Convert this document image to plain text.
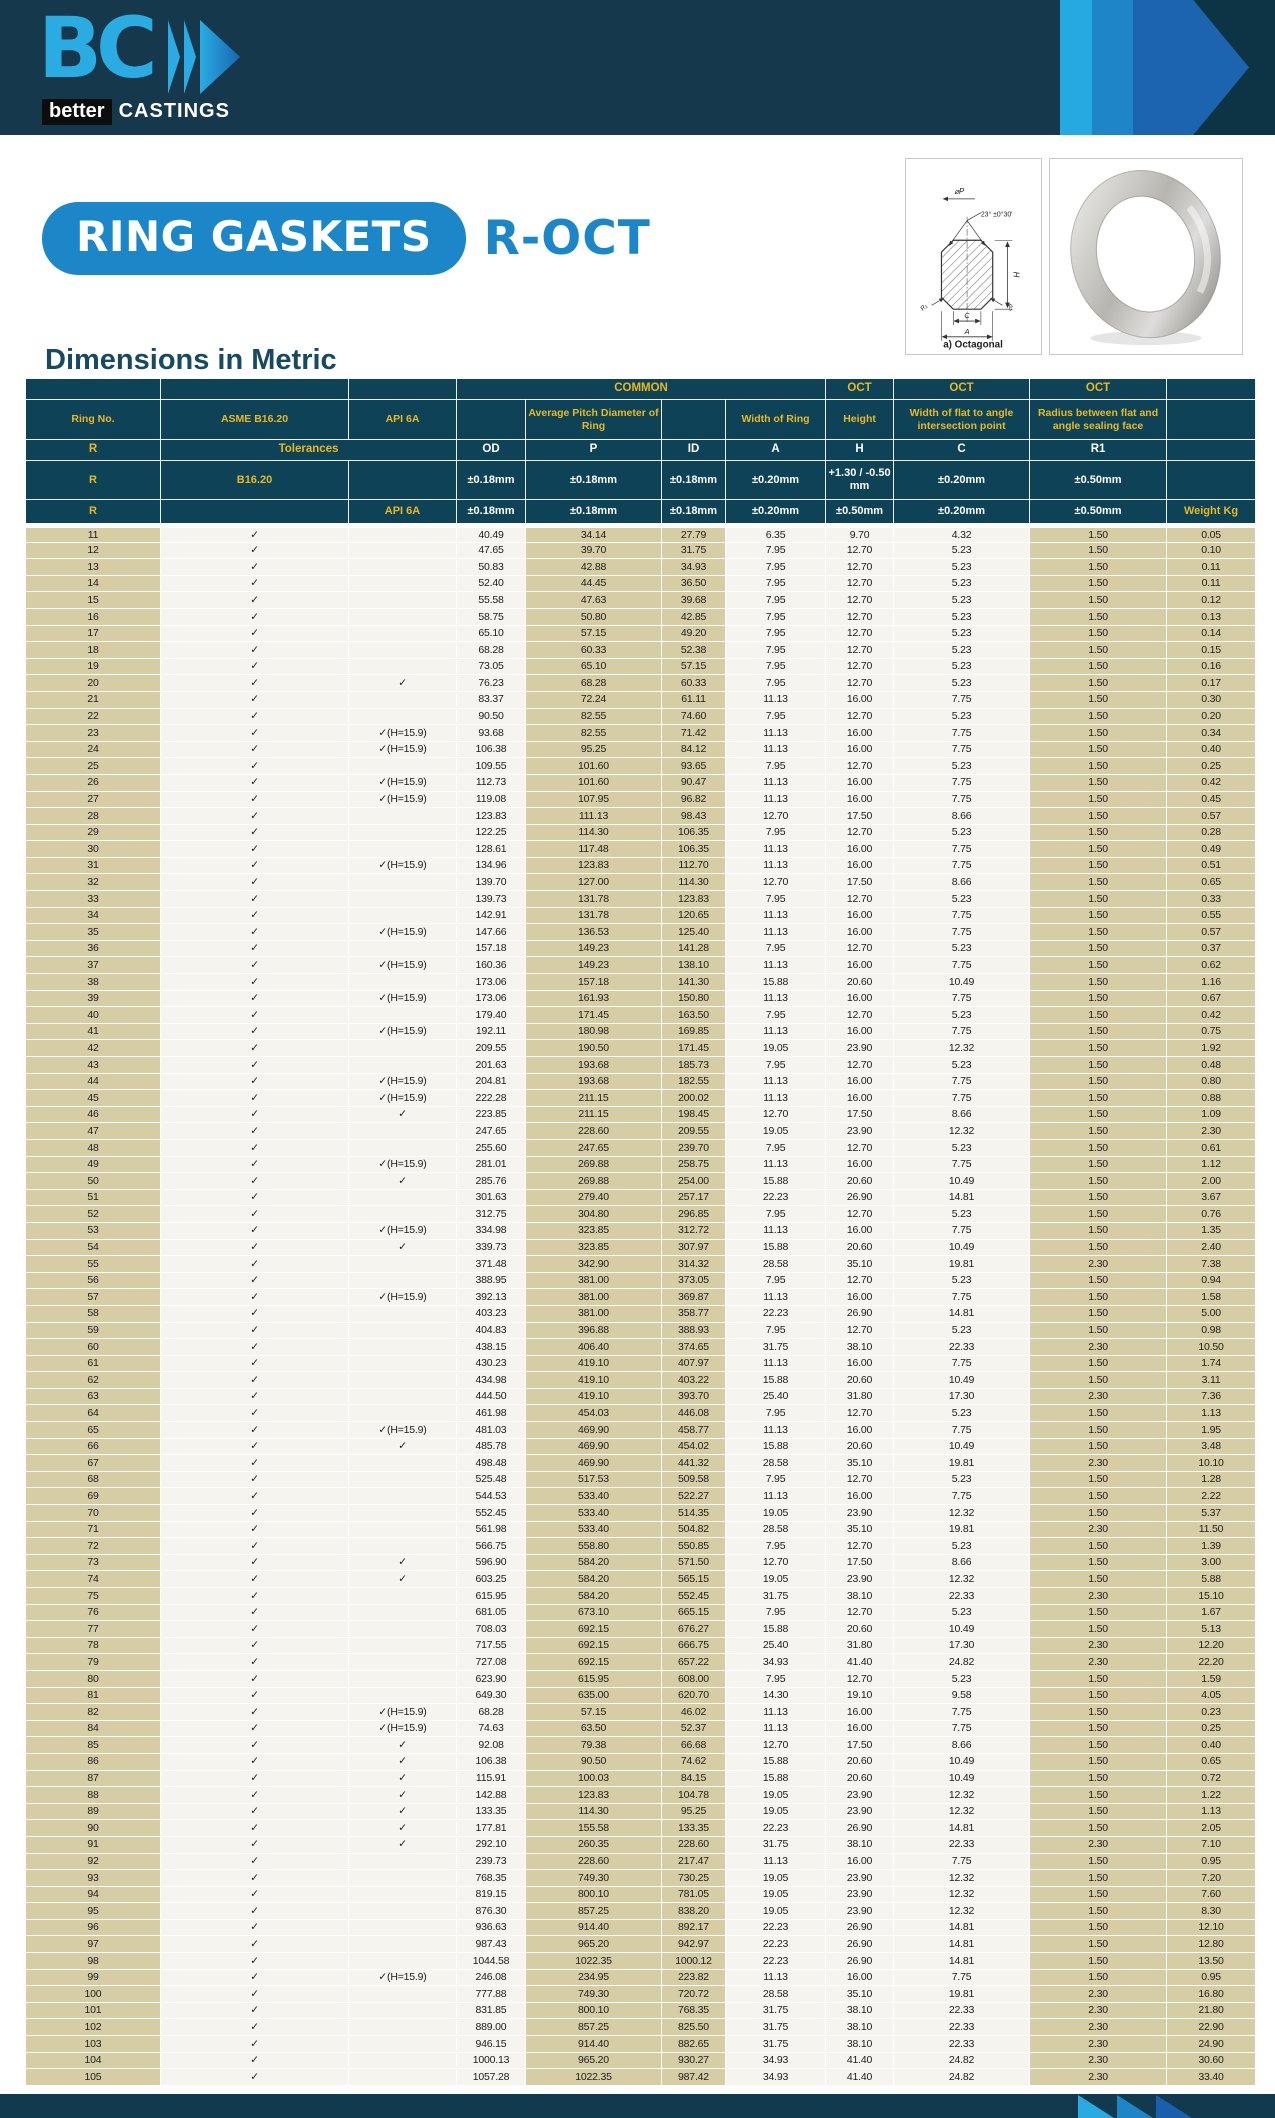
BC
better CASTINGS
RING GASKETS	R-OCT
⌀P
23° ±0°30'
H
C
A
R₁	R₁
a) Octagonal
Dimensions in Metric
			COMMON				OCT	OCT	OCT	
Ring No.	ASME B16.20	API 6A		Average Pitch Diameter of Ring		Width of Ring	Height	Width of flat to angle intersection point	Radius between flat and angle sealing face	
R	Tolerances		OD	P	ID	A	H	C	R1	
R	B16.20		±0.18mm	±0.18mm	±0.18mm	±0.20mm	+1.30 / -0.50 mm	±0.20mm	±0.50mm	
R		API 6A	±0.18mm	±0.18mm	±0.18mm	±0.20mm	±0.50mm	±0.20mm	±0.50mm	Weight Kg
11	✓		40.49	34.14	27.79	6.35	9.70	4.32	1.50	0.05
12	✓		47.65	39.70	31.75	7.95	12.70	5.23	1.50	0.10
13	✓		50.83	42.88	34.93	7.95	12.70	5.23	1.50	0.11
14	✓		52.40	44.45	36.50	7.95	12.70	5.23	1.50	0.11
15	✓		55.58	47.63	39.68	7.95	12.70	5.23	1.50	0.12
16	✓		58.75	50.80	42.85	7.95	12.70	5.23	1.50	0.13
17	✓		65.10	57.15	49.20	7.95	12.70	5.23	1.50	0.14
18	✓		68.28	60.33	52.38	7.95	12.70	5.23	1.50	0.15
19	✓		73.05	65.10	57.15	7.95	12.70	5.23	1.50	0.16
20	✓	✓	76.23	68.28	60.33	7.95	12.70	5.23	1.50	0.17
21	✓		83.37	72.24	61.11	11.13	16.00	7.75	1.50	0.30
22	✓		90.50	82.55	74.60	7.95	12.70	5.23	1.50	0.20
23	✓	✓(H=15.9)	93.68	82.55	71.42	11.13	16.00	7.75	1.50	0.34
24	✓	✓(H=15.9)	106.38	95.25	84.12	11.13	16.00	7.75	1.50	0.40
25	✓		109.55	101.60	93.65	7.95	12.70	5.23	1.50	0.25
26	✓	✓(H=15.9)	112.73	101.60	90.47	11.13	16.00	7.75	1.50	0.42
27	✓	✓(H=15.9)	119.08	107.95	96.82	11.13	16.00	7.75	1.50	0.45
28	✓		123.83	111.13	98.43	12.70	17.50	8.66	1.50	0.57
29	✓		122.25	114.30	106.35	7.95	12.70	5.23	1.50	0.28
30	✓		128.61	117.48	106.35	11.13	16.00	7.75	1.50	0.49
31	✓	✓(H=15.9)	134.96	123.83	112.70	11.13	16.00	7.75	1.50	0.51
32	✓		139.70	127.00	114.30	12.70	17.50	8.66	1.50	0.65
33	✓		139.73	131.78	123.83	7.95	12.70	5.23	1.50	0.33
34	✓		142.91	131.78	120.65	11.13	16.00	7.75	1.50	0.55
35	✓	✓(H=15.9)	147.66	136.53	125.40	11.13	16.00	7.75	1.50	0.57
36	✓		157.18	149.23	141.28	7.95	12.70	5.23	1.50	0.37
37	✓	✓(H=15.9)	160.36	149.23	138.10	11.13	16.00	7.75	1.50	0.62
38	✓		173.06	157.18	141.30	15.88	20.60	10.49	1.50	1.16
39	✓	✓(H=15.9)	173.06	161.93	150.80	11.13	16.00	7.75	1.50	0.67
40	✓		179.40	171.45	163.50	7.95	12.70	5.23	1.50	0.42
41	✓	✓(H=15.9)	192.11	180.98	169.85	11.13	16.00	7.75	1.50	0.75
42	✓		209.55	190.50	171.45	19.05	23.90	12.32	1.50	1.92
43	✓		201.63	193.68	185.73	7.95	12.70	5.23	1.50	0.48
44	✓	✓(H=15.9)	204.81	193.68	182.55	11.13	16.00	7.75	1.50	0.80
45	✓	✓(H=15.9)	222.28	211.15	200.02	11.13	16.00	7.75	1.50	0.88
46	✓	✓	223.85	211.15	198.45	12.70	17.50	8.66	1.50	1.09
47	✓		247.65	228.60	209.55	19.05	23.90	12.32	1.50	2.30
48	✓		255.60	247.65	239.70	7.95	12.70	5.23	1.50	0.61
49	✓	✓(H=15.9)	281.01	269.88	258.75	11.13	16.00	7.75	1.50	1.12
50	✓	✓	285.76	269.88	254.00	15.88	20.60	10.49	1.50	2.00
51	✓		301.63	279.40	257.17	22.23	26.90	14.81	1.50	3.67
52	✓		312.75	304.80	296.85	7.95	12.70	5.23	1.50	0.76
53	✓	✓(H=15.9)	334.98	323.85	312.72	11.13	16.00	7.75	1.50	1.35
54	✓	✓	339.73	323.85	307.97	15.88	20.60	10.49	1.50	2.40
55	✓		371.48	342.90	314.32	28.58	35.10	19.81	2.30	7.38
56	✓		388.95	381.00	373.05	7.95	12.70	5.23	1.50	0.94
57	✓	✓(H=15.9)	392.13	381.00	369.87	11.13	16.00	7.75	1.50	1.58
58	✓		403.23	381.00	358.77	22.23	26.90	14.81	1.50	5.00
59	✓		404.83	396.88	388.93	7.95	12.70	5.23	1.50	0.98
60	✓		438.15	406.40	374.65	31.75	38.10	22.33	2.30	10.50
61	✓		430.23	419.10	407.97	11.13	16.00	7.75	1.50	1.74
62	✓		434.98	419.10	403.22	15.88	20.60	10.49	1.50	3.11
63	✓		444.50	419.10	393.70	25.40	31.80	17.30	2.30	7.36
64	✓		461.98	454.03	446.08	7.95	12.70	5.23	1.50	1.13
65	✓	✓(H=15.9)	481.03	469.90	458.77	11.13	16.00	7.75	1.50	1.95
66	✓	✓	485.78	469.90	454.02	15.88	20.60	10.49	1.50	3.48
67	✓		498.48	469.90	441.32	28.58	35.10	19.81	2.30	10.10
68	✓		525.48	517.53	509.58	7.95	12.70	5.23	1.50	1.28
69	✓		544.53	533.40	522.27	11.13	16.00	7.75	1.50	2.22
70	✓		552.45	533.40	514.35	19.05	23.90	12.32	1.50	5.37
71	✓		561.98	533.40	504.82	28.58	35.10	19.81	2.30	11.50
72	✓		566.75	558.80	550.85	7.95	12.70	5.23	1.50	1.39
73	✓	✓	596.90	584.20	571.50	12.70	17.50	8.66	1.50	3.00
74	✓	✓	603.25	584.20	565.15	19.05	23.90	12.32	1.50	5.88
75	✓		615.95	584.20	552.45	31.75	38.10	22.33	2.30	15.10
76	✓		681.05	673.10	665.15	7.95	12.70	5.23	1.50	1.67
77	✓		708.03	692.15	676.27	15.88	20.60	10.49	1.50	5.13
78	✓		717.55	692.15	666.75	25.40	31.80	17.30	2.30	12.20
79	✓		727.08	692.15	657.22	34.93	41.40	24.82	2.30	22.20
80	✓		623.90	615.95	608.00	7.95	12.70	5.23	1.50	1.59
81	✓		649.30	635.00	620.70	14.30	19.10	9.58	1.50	4.05
82	✓	✓(H=15.9)	68.28	57.15	46.02	11.13	16.00	7.75	1.50	0.23
84	✓	✓(H=15.9)	74.63	63.50	52.37	11.13	16.00	7.75	1.50	0.25
85	✓	✓	92.08	79.38	66.68	12.70	17.50	8.66	1.50	0.40
86	✓	✓	106.38	90.50	74.62	15.88	20.60	10.49	1.50	0.65
87	✓	✓	115.91	100.03	84.15	15.88	20.60	10.49	1.50	0.72
88	✓	✓	142.88	123.83	104.78	19.05	23.90	12.32	1.50	1.22
89	✓	✓	133.35	114.30	95.25	19.05	23.90	12.32	1.50	1.13
90	✓	✓	177.81	155.58	133.35	22.23	26.90	14.81	1.50	2.05
91	✓	✓	292.10	260.35	228.60	31.75	38.10	22.33	2.30	7.10
92	✓		239.73	228.60	217.47	11.13	16.00	7.75	1.50	0.95
93	✓		768.35	749.30	730.25	19.05	23.90	12.32	1.50	7.20
94	✓		819.15	800.10	781.05	19.05	23.90	12.32	1.50	7.60
95	✓		876.30	857.25	838.20	19.05	23.90	12.32	1.50	8.30
96	✓		936.63	914.40	892.17	22.23	26.90	14.81	1.50	12.10
97	✓		987.43	965.20	942.97	22.23	26.90	14.81	1.50	12.80
98	✓		1044.58	1022.35	1000.12	22.23	26.90	14.81	1.50	13.50
99	✓	✓(H=15.9)	246.08	234.95	223.82	11.13	16.00	7.75	1.50	0.95
100	✓		777.88	749.30	720.72	28.58	35.10	19.81	2.30	16.80
101	✓		831.85	800.10	768.35	31.75	38.10	22.33	2.30	21.80
102	✓		889.00	857.25	825.50	31.75	38.10	22.33	2.30	22.90
103	✓		946.15	914.40	882.65	31.75	38.10	22.33	2.30	24.90
104	✓		1000.13	965.20	930.27	34.93	41.40	24.82	2.30	30.60
105	✓		1057.28	1022.35	987.42	34.93	41.40	24.82	2.30	33.40
